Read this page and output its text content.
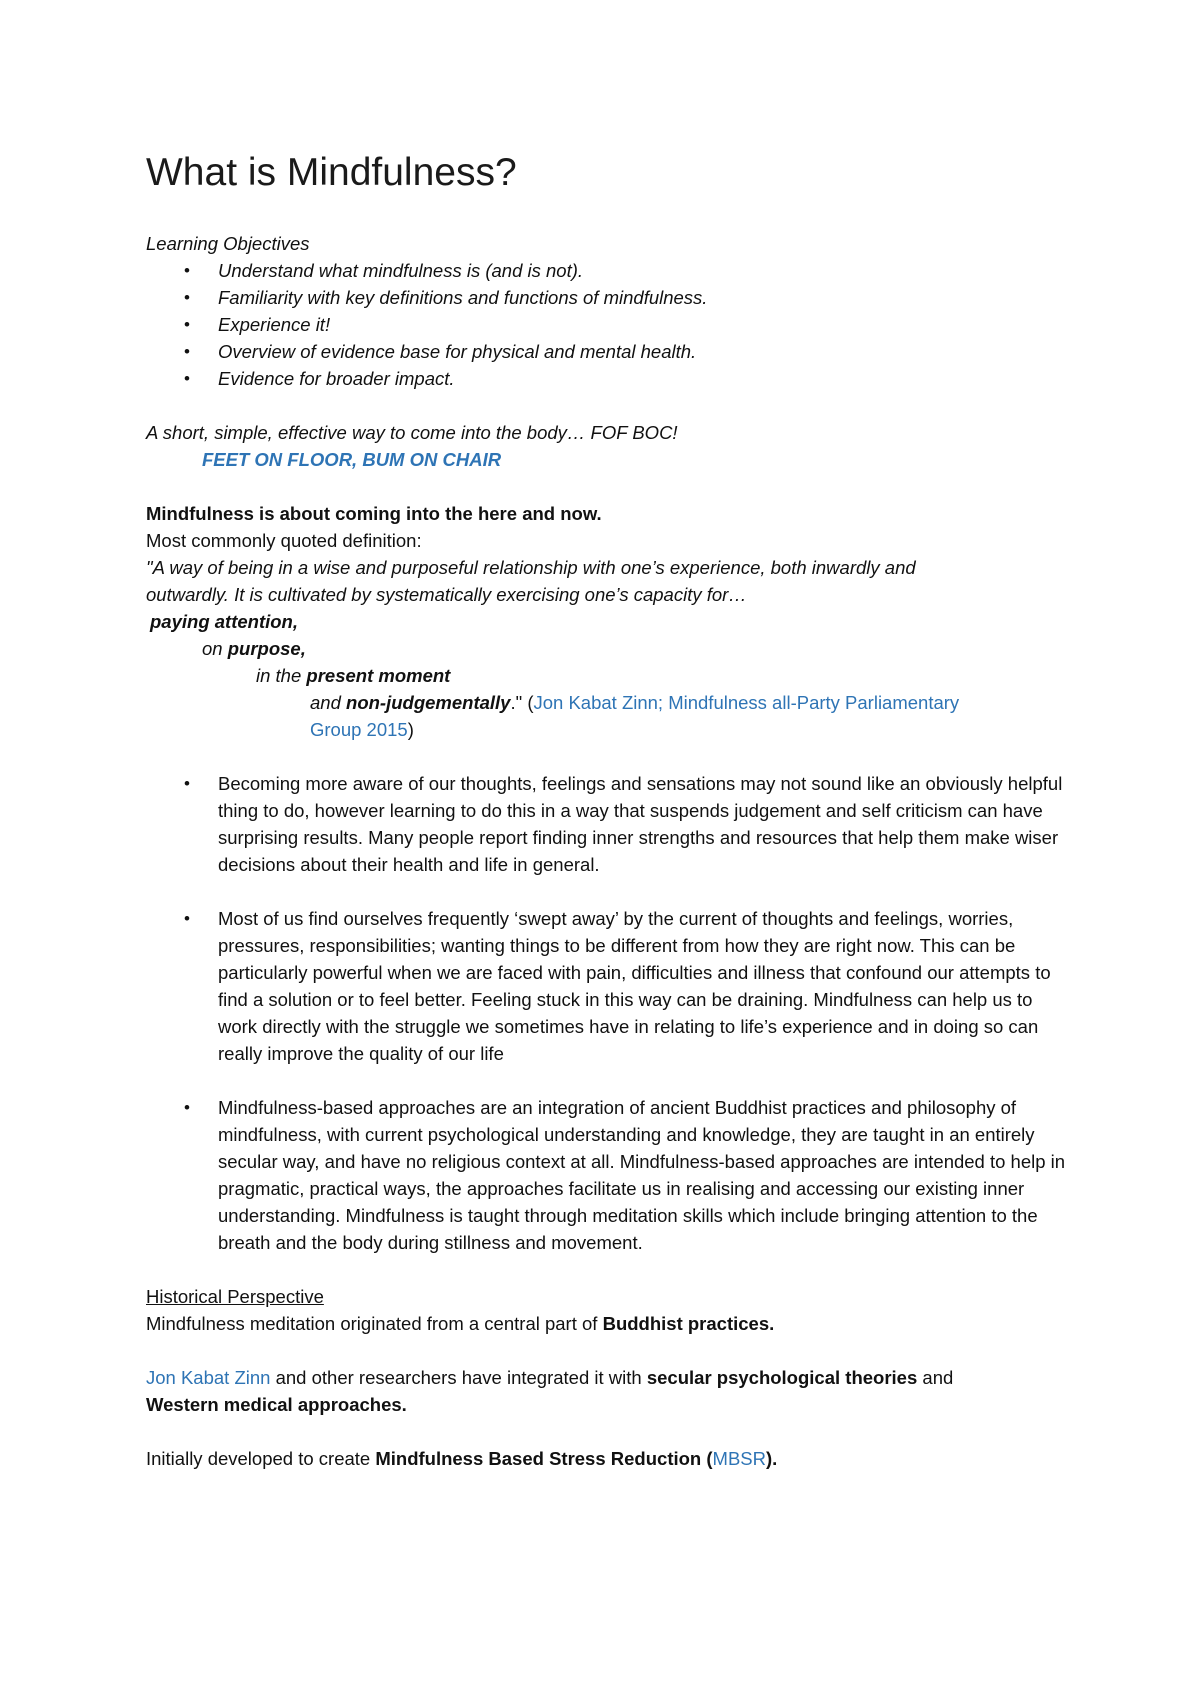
What is Mindfulness?
Learning Objectives
• Understand what mindfulness is (and is not).
• Familiarity with key definitions and functions of mindfulness.
• Experience it!
• Overview of evidence base for physical and mental health.
• Evidence for broader impact.
A short, simple, effective way to come into the body… FOF BOC!
FEET ON FLOOR, BUM ON CHAIR
Mindfulness is about coming into the here and now.
Most commonly quoted definition:
"A way of being in a wise and purposeful relationship with one’s experience, both inwardly and
outwardly. It is cultivated by systematically exercising one’s capacity for…
paying attention,
on purpose,
in the present moment
and non-judgementally." (Jon Kabat Zinn; Mindfulness all-Party Parliamentary
Group 2015)
• Becoming more aware of our thoughts, feelings and sensations may not sound like an obviously helpful thing to do, however learning to do this in a way that suspends judgement and self criticism can have surprising results. Many people report finding inner strengths and resources that help them make wiser decisions about their health and life in general.
• Most of us find ourselves frequently ‘swept away’ by the current of thoughts and feelings, worries, pressures, responsibilities; wanting things to be different from how they are right now. This can be particularly powerful when we are faced with pain, difficulties and illness that confound our attempts to find a solution or to feel better. Feeling stuck in this way can be draining. Mindfulness can help us to work directly with the struggle we sometimes have in relating to life’s experience and in doing so can really improve the quality of our life
• Mindfulness-based approaches are an integration of ancient Buddhist practices and philosophy of mindfulness, with current psychological understanding and knowledge, they are taught in an entirely secular way, and have no religious context at all. Mindfulness-based approaches are intended to help in pragmatic, practical ways, the approaches facilitate us in realising and accessing our existing inner understanding. Mindfulness is taught through meditation skills which include bringing attention to the breath and the body during stillness and movement.
Historical Perspective
Mindfulness meditation originated from a central part of Buddhist practices.
Jon Kabat Zinn and other researchers have integrated it with secular psychological theories and
Western medical approaches.
Initially developed to create Mindfulness Based Stress Reduction (MBSR).
